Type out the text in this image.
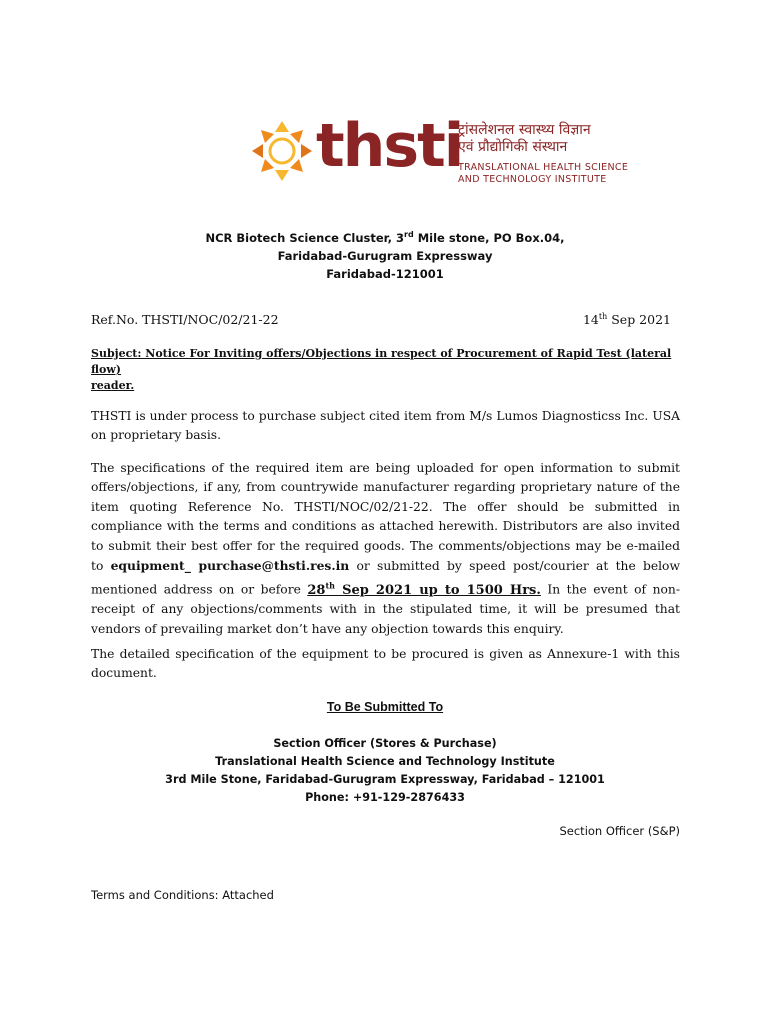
thsti
ट्रांसलेशनल स्वास्थ्य विज्ञान
एवं प्रौद्योगिकी संस्थान
TRANSLATIONAL HEALTH SCIENCE
AND TECHNOLOGY INSTITUTE
NCR Biotech Science Cluster, 3rd Mile stone, PO Box.04,
Faridabad-Gurugram Expressway
Faridabad-121001
Ref.No. THSTI/NOC/02/21-22	14th Sep 2021
Subject: Notice For Inviting offers/Objections in respect of Procurement of Rapid Test (lateral flow)
reader.

THSTI is under process to purchase subject cited item from M/s Lumos Diagnosticss Inc. USA on proprietary basis.

The specifications of the required item are being uploaded for open information to submit offers/objections, if any, from countrywide manufacturer regarding proprietary nature of the item quoting Reference No. THSTI/NOC/02/21-22. The offer should be submitted in compliance with the terms and conditions as attached herewith. Distributors are also invited to submit their best offer for the required goods. The comments/objections may be e-mailed to equipment_ purchase@thsti.res.in or submitted by speed post/courier at the below mentioned address on or before 28th Sep 2021 up to 1500 Hrs. In the event of non-receipt of any objections/comments with in the stipulated time, it will be presumed that vendors of prevailing market don’t have any objection towards this enquiry.

The detailed specification of the equipment to be procured is given as Annexure-1 with this document.

To Be Submitted To
Section Officer (Stores & Purchase)
Translational Health Science and Technology Institute
3rd Mile Stone, Faridabad-Gurugram Expressway, Faridabad – 121001
Phone: +91-129-2876433
Section Officer (S&P)
Terms and Conditions: Attached
